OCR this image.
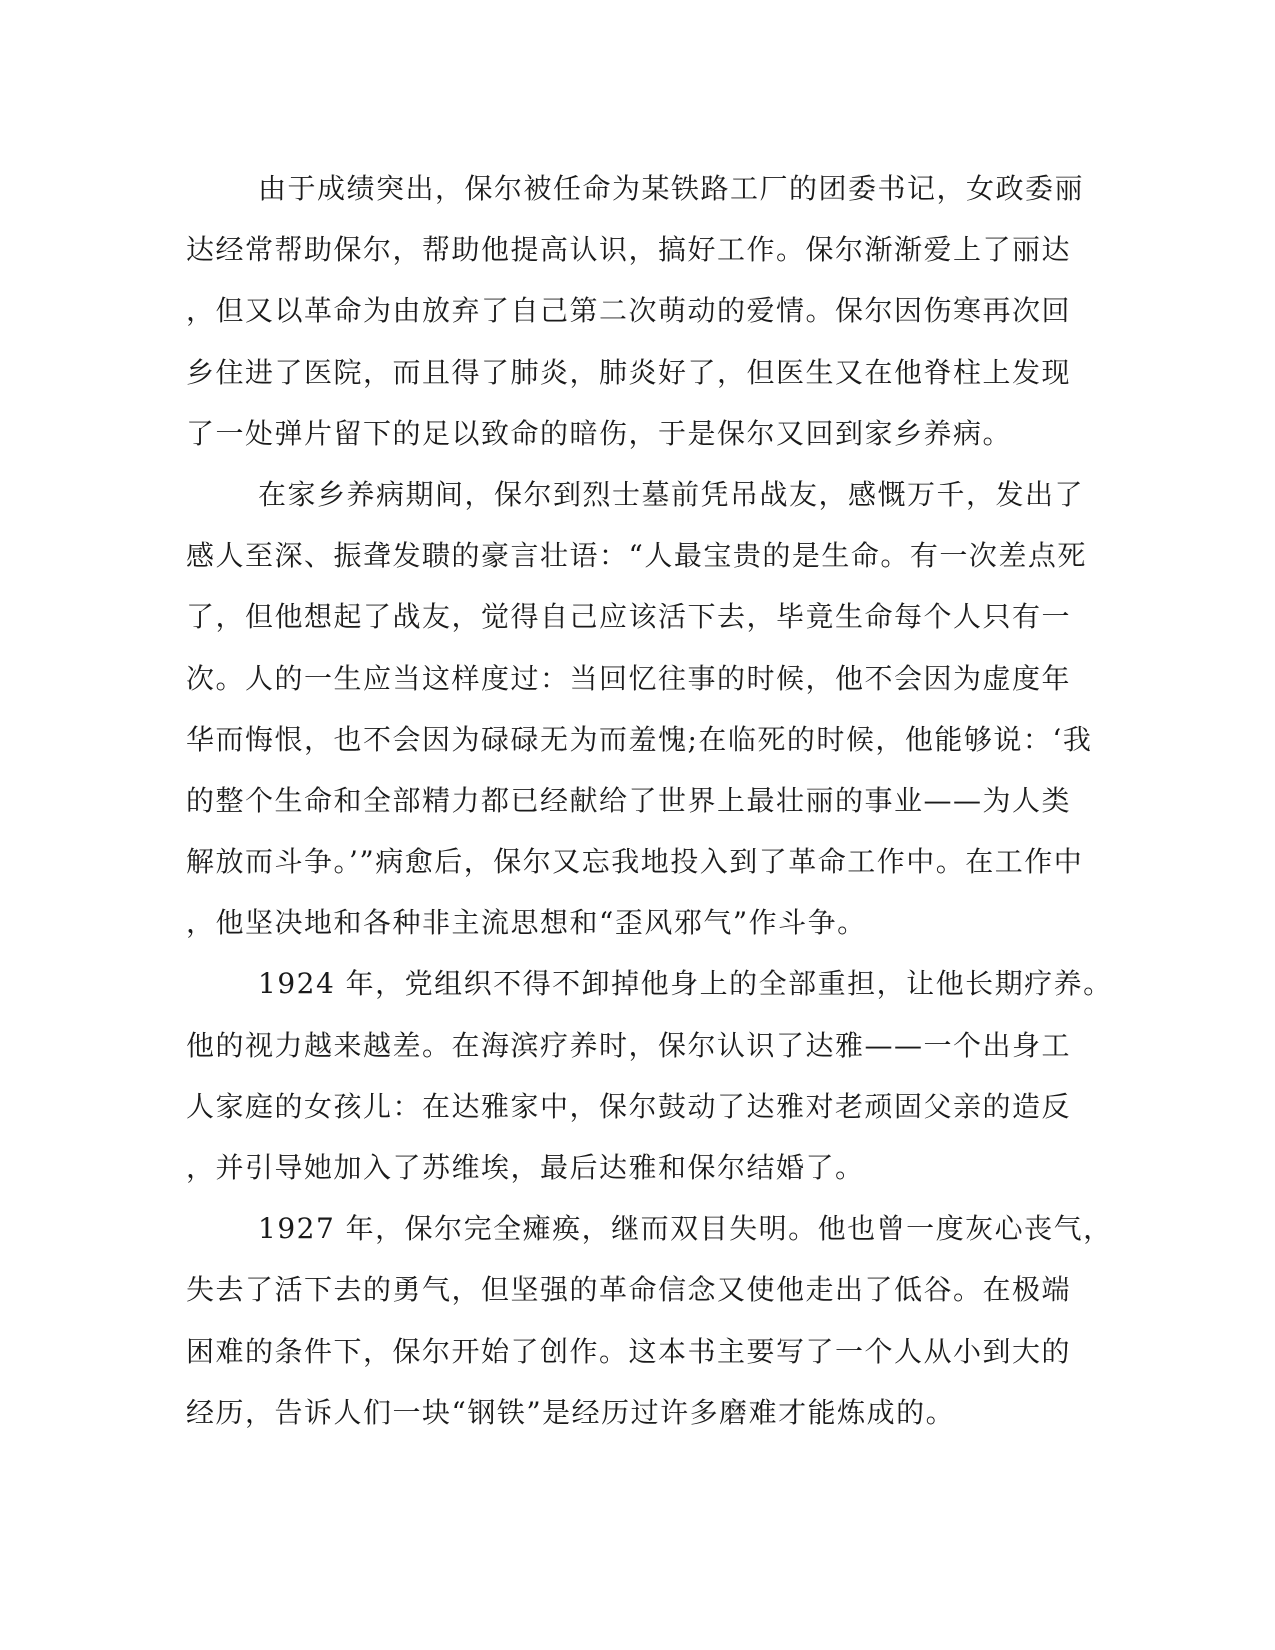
由于成绩突出，保尔被任命为某铁路工厂的团委书记，女政委丽
达经常帮助保尔，帮助他提高认识，搞好工作。保尔渐渐爱上了丽达
，但又以革命为由放弃了自己第二次萌动的爱情。保尔因伤寒再次回
乡住进了医院，而且得了肺炎，肺炎好了，但医生又在他脊柱上发现
了一处弹片留下的足以致命的暗伤，于是保尔又回到家乡养病。
在家乡养病期间，保尔到烈士墓前凭吊战友，感慨万千，发出了
感人至深、振聋发聩的豪言壮语：“人最宝贵的是生命。有一次差点死
了，但他想起了战友，觉得自己应该活下去，毕竟生命每个人只有一
次。人的一生应当这样度过：当回忆往事的时候，他不会因为虚度年
华而悔恨，也不会因为碌碌无为而羞愧;在临死的时候，他能够说：‘我
的整个生命和全部精力都已经献给了世界上最壮丽的事业——为人类
解放而斗争。’”病愈后，保尔又忘我地投入到了革命工作中。在工作中
，他坚决地和各种非主流思想和“歪风邪气”作斗争。
1924 年，党组织不得不卸掉他身上的全部重担，让他长期疗养。
他的视力越来越差。在海滨疗养时，保尔认识了达雅——一个出身工
人家庭的女孩儿：在达雅家中，保尔鼓动了达雅对老顽固父亲的造反
，并引导她加入了苏维埃，最后达雅和保尔结婚了。
1927 年，保尔完全瘫痪，继而双目失明。他也曾一度灰心丧气，
失去了活下去的勇气，但坚强的革命信念又使他走出了低谷。在极端
困难的条件下，保尔开始了创作。这本书主要写了一个人从小到大的
经历，告诉人们一块“钢铁”是经历过许多磨难才能炼成的。
